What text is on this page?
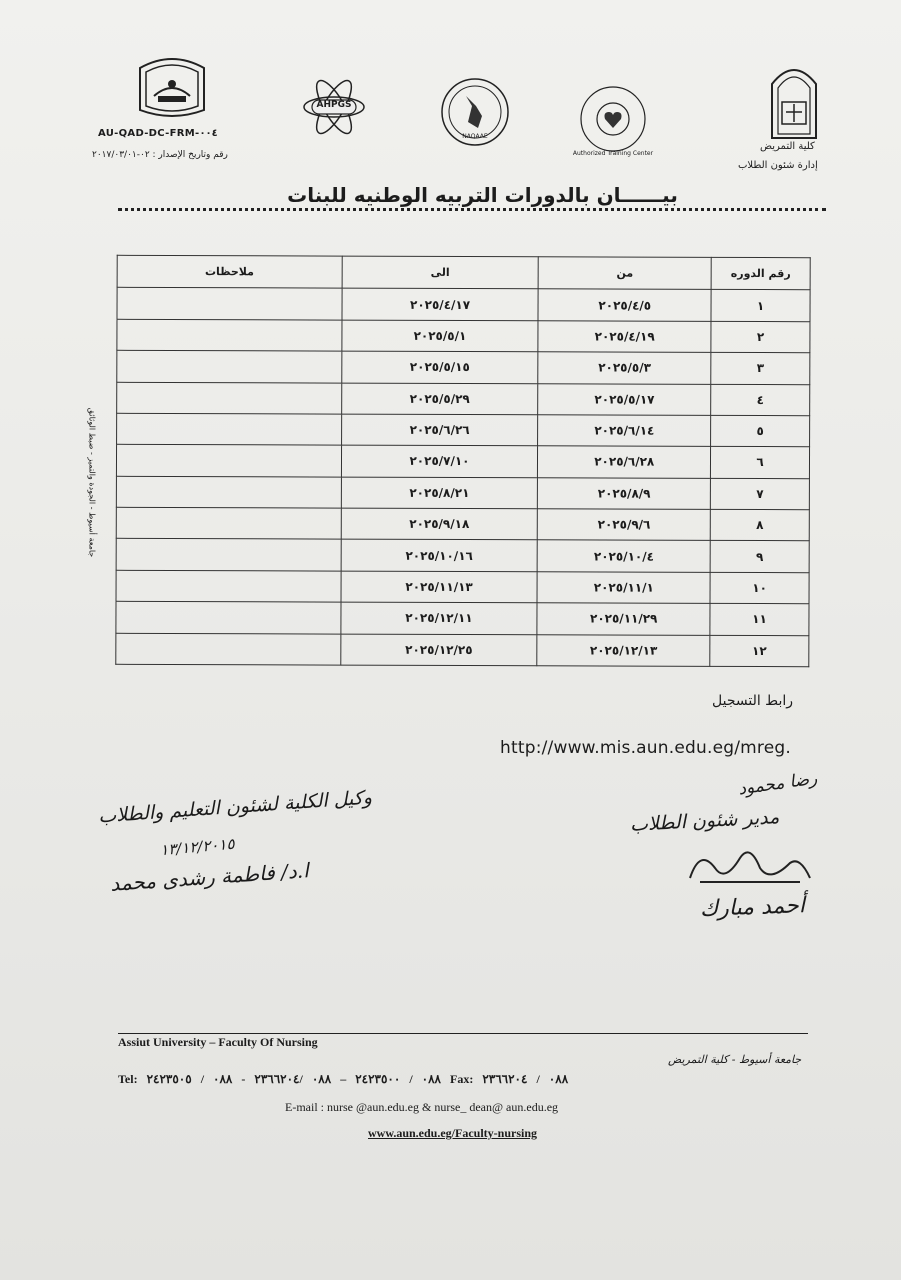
AHPGS
NAQAAE
Authorized Training Center
AU-QAD-DC-FRM-٠٠٤
رقم وتاريخ الإصدار : ٠٢-٢٠١٧/٠٣/٠١
كلية التمريض
إدارة شئون الطلاب
بيــــــان بالدورات التربيه الوطنيه للبنات
جامعة أسيوط - الجودة والتميز - ضبط الوثائق
رقم الدوره	من	الى	ملاحظات
١	٢٠٢٥/٤/٥	٢٠٢٥/٤/١٧	
٢	٢٠٢٥/٤/١٩	٢٠٢٥/٥/١	
٣	٢٠٢٥/٥/٣	٢٠٢٥/٥/١٥	
٤	٢٠٢٥/٥/١٧	٢٠٢٥/٥/٢٩	
٥	٢٠٢٥/٦/١٤	٢٠٢٥/٦/٢٦	
٦	٢٠٢٥/٦/٢٨	٢٠٢٥/٧/١٠	
٧	٢٠٢٥/٨/٩	٢٠٢٥/٨/٢١	
٨	٢٠٢٥/٩/٦	٢٠٢٥/٩/١٨	
٩	٢٠٢٥/١٠/٤	٢٠٢٥/١٠/١٦	
١٠	٢٠٢٥/١١/١	٢٠٢٥/١١/١٣	
١١	٢٠٢٥/١١/٢٩	٢٠٢٥/١٢/١١	
١٢	٢٠٢٥/١٢/١٣	٢٠٢٥/١٢/٢٥	
رابط التسجيل
http://www.mis.aun.edu.eg/mreg.
وكيل الكلية لشئون التعليم والطلاب
١٣/١٢/٢٠١٥
ا.د/ فاطمة رشدى محمد
رضا محمود
مدير شئون الطلاب
أحمد مبارك
Assiut University – Faculty Of Nursing
جامعة أسيوط - كلية التمريض
Tel: ٠٨٨ / ٢٤٢٣٥٠٠ – ٠٨٨ /٢٣٦٦٢٠٤ - ٠٨٨ / ٢٤٢٣٥٠٥ Fax: ٠٨٨ / ٢٣٦٦٢٠٤
E-mail : nurse @aun.edu.eg & nurse_ dean@ aun.edu.eg
www.aun.edu.eg/Faculty-nursing
